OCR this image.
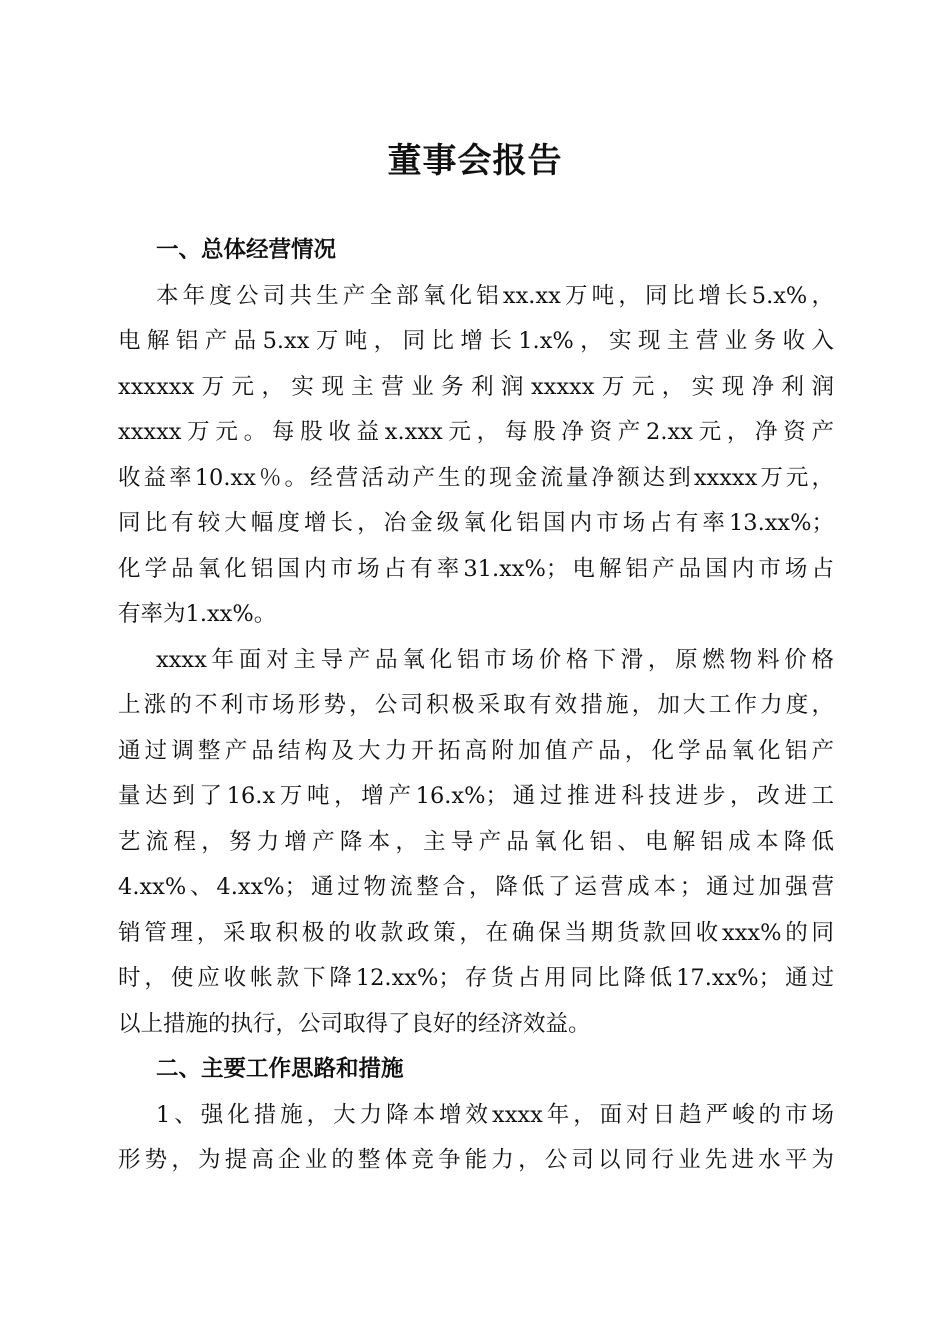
董事会报告
一、总体经营情况

本年度公司共生产全部氧化铝xx.xx万吨，同比增长5.x%，
电解铝产品5.xx万吨，同比增长1.x%，实现主营业务收入
xxxxxx万元，实现主营业务利润xxxxx万元，实现净利润
xxxxx万元。每股收益x.xxx元，每股净资产2.xx元，净资产
收益率10.xx％。经营活动产生的现金流量净额达到xxxxx万元，
同比有较大幅度增长，冶金级氧化铝国内市场占有率13.xx%；
化学品氧化铝国内市场占有率31.xx%；电解铝产品国内市场占
有率为1.xx%。

xxxx年面对主导产品氧化铝市场价格下滑，原燃物料价格
上涨的不利市场形势，公司积极采取有效措施，加大工作力度，
通过调整产品结构及大力开拓高附加值产品，化学品氧化铝产
量达到了16.x万吨，增产16.x%；通过推进科技进步，改进工
艺流程，努力增产降本，主导产品氧化铝、电解铝成本降低
4.xx%、4.xx%；通过物流整合，降低了运营成本；通过加强营
销管理，采取积极的收款政策，在确保当期货款回收xxx%的同
时，使应收帐款下降12.xx%；存货占用同比降低17.xx%；通过
以上措施的执行，公司取得了良好的经济效益。

二、主要工作思路和措施

1、强化措施，大力降本增效xxxx年，面对日趋严峻的市场
形势，为提高企业的整体竞争能力，公司以同行业先进水平为
